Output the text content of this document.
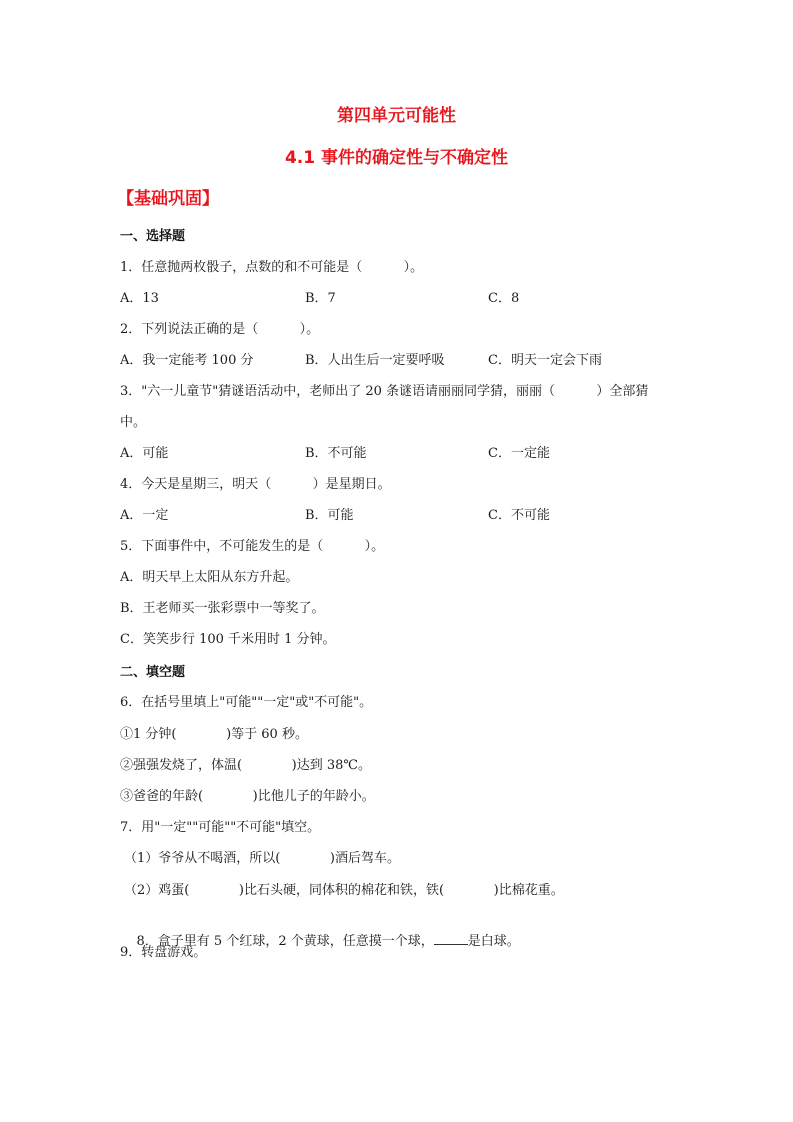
第四单元可能性
4.1 事件的确定性与不确定性
【基础巩固】
一、选择题
1．任意抛两枚骰子，点数的和不可能是（          ）。
A．13	B．7	C．8
2．下列说法正确的是（          ）。
A．我一定能考 100 分	B．人出生后一定要呼吸	C．明天一定会下雨
3．"六一儿童节"猜谜语活动中，老师出了 20 条谜语请丽丽同学猜，丽丽（          ）全部猜
中。
A．可能	B．不可能	C．一定能
4．今天是星期三，明天（          ）是星期日。
A．一定	B．可能	C．不可能
5．下面事件中，不可能发生的是（          ）。
A．明天早上太阳从东方升起。
B．王老师买一张彩票中一等奖了。
C．笑笑步行 100 千米用时 1 分钟。
二、填空题
6．在括号里填上"可能""一定"或"不可能"。
①1 分钟(            )等于 60 秒。
②强强发烧了，体温(            )达到 38℃。
③爸爸的年龄(            )比他儿子的年龄小。
7．用"一定""可能""不可能"填空。
（1）爷爷从不喝酒，所以(            )酒后驾车。
（2）鸡蛋(            )比石头硬，同体积的棉花和铁，铁(            )比棉花重。

8．盒子里有 5 个红球，2 个黄球，任意摸一个球，	是白球。

9．转盘游戏。
